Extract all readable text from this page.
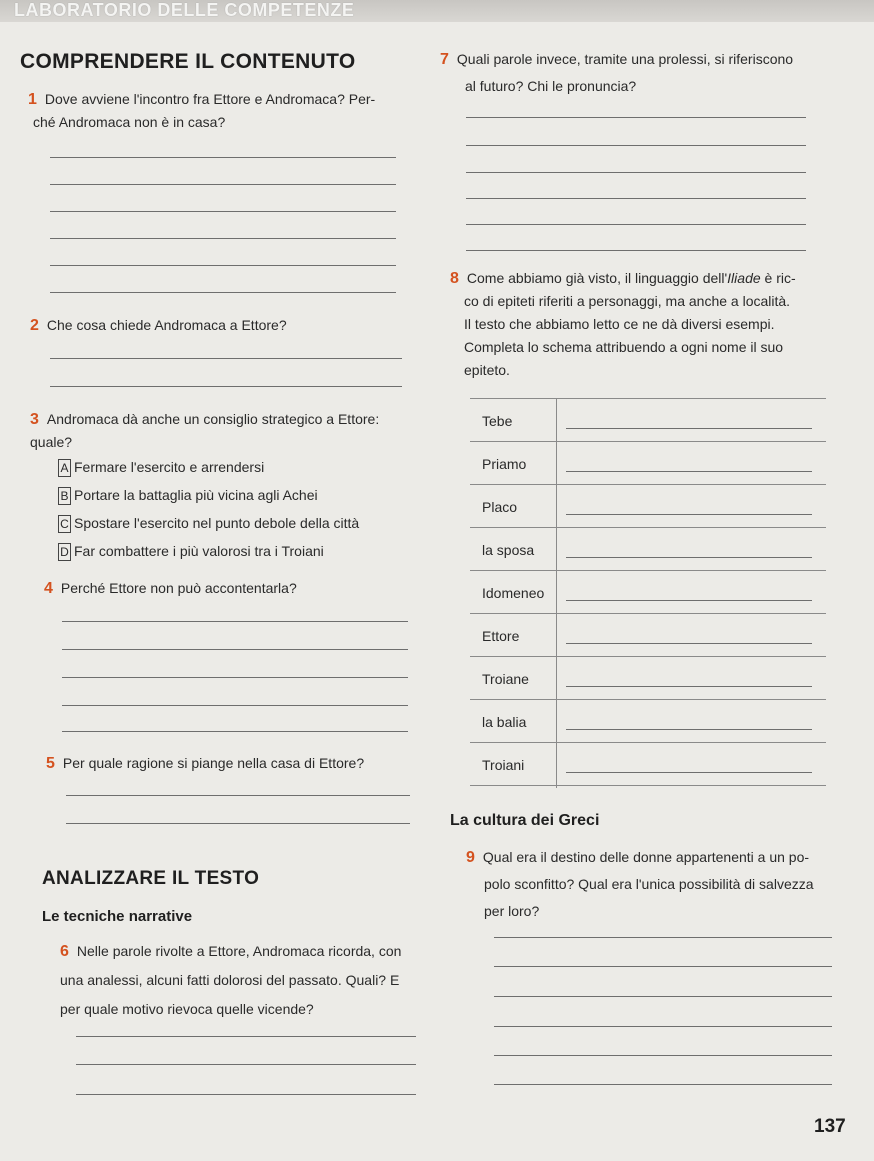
LABORATORIO DELLE COMPETENZE
COMPRENDERE IL CONTENUTO
1 Dove avviene l'incontro fra Ettore e Andromaca? Per-
ché Andromaca non è in casa?
2 Che cosa chiede Andromaca a Ettore?
3 Andromaca dà anche un consiglio strategico a Ettore:
quale?
A Fermare l'esercito e arrendersi
B Portare la battaglia più vicina agli Achei
C Spostare l'esercito nel punto debole della città
D Far combattere i più valorosi tra i Troiani
4 Perché Ettore non può accontentarla?
5 Per quale ragione si piange nella casa di Ettore?
ANALIZZARE IL TESTO
Le tecniche narrative
6 Nelle parole rivolte a Ettore, Andromaca ricorda, con
una analessi, alcuni fatti dolorosi del passato. Quali? E
per quale motivo rievoca quelle vicende?
7 Quali parole invece, tramite una prolessi, si riferiscono
al futuro? Chi le pronuncia?
8 Come abbiamo già visto, il linguaggio dell'Iliade è ric-
co di epiteti riferiti a personaggi, ma anche a località.
Il testo che abbiamo letto ce ne dà diversi esempi.
Completa lo schema attribuendo a ogni nome il suo
epiteto.
Tebe
Priamo
Placo
la sposa
Idomeneo
Ettore
Troiane
la balia
Troiani
La cultura dei Greci
9 Qual era il destino delle donne appartenenti a un po-
polo sconfitto? Qual era l'unica possibilità di salvezza
per loro?
137
